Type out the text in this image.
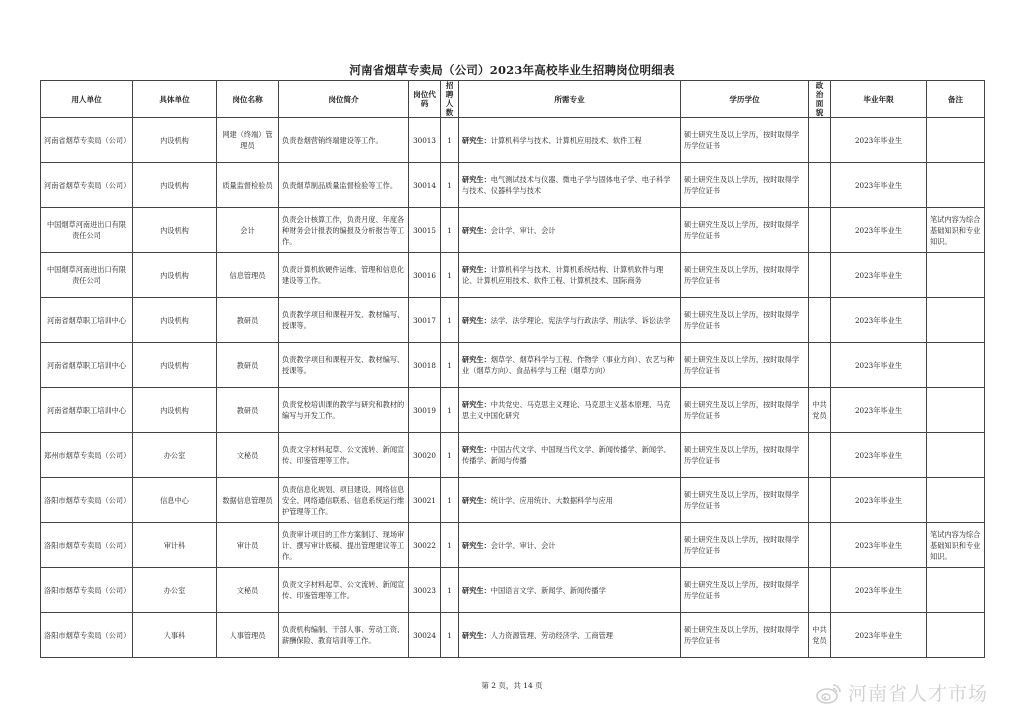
河南省烟草专卖局（公司）2023年高校毕业生招聘岗位明细表
用人单位	具体单位	岗位名称	岗位简介	岗位代码	招聘人数	所需专业	学历学位	政治面貌	毕业年限	备注
河南省烟草专卖局（公司）	内设机构	网建（终端）管理员	负责卷烟营销终端建设等工作。	30013	1	研究生：计算机科学与技术、计算机应用技术、软件工程	硕士研究生及以上学历，按时取得学历学位证书		2023年毕业生	
河南省烟草专卖局（公司）	内设机构	质量监督检验员	负责烟草制品质量监督检验等工作。	30014	1	研究生：电气测试技术与仪器、微电子学与固体电子学、电子科学与技术、仪器科学与技术	硕士研究生及以上学历，按时取得学历学位证书		2023年毕业生	
中国烟草河南进出口有限责任公司	内设机构	会计	负责会计核算工作，负责月度、年度各种财务会计报表的编报及分析报告等工作。	30015	1	研究生：会计学、审计、会计	硕士研究生及以上学历，按时取得学历学位证书		2023年毕业生	笔试内容为综合基础知识和专业知识。
中国烟草河南进出口有限责任公司	内设机构	信息管理员	负责计算机软硬件运维、管理和信息化建设等工作。	30016	1	研究生：计算机科学与技术、计算机系统结构、计算机软件与理论、计算机应用技术、软件工程、计算机技术、国际商务	硕士研究生及以上学历，按时取得学历学位证书		2023年毕业生	
河南省烟草职工培训中心	内设机构	教研员	负责教学项目和课程开发、教材编写、授课等。	30017	1	研究生：法学、法学理论、宪法学与行政法学、刑法学、诉讼法学	硕士研究生及以上学历，按时取得学历学位证书		2023年毕业生	
河南省烟草职工培训中心	内设机构	教研员	负责教学项目和课程开发、教材编写、授课等。	30018	1	研究生：烟草学、烟草科学与工程、作物学（事业方向）、农艺与种业（烟草方向）、食品科学与工程（烟草方向）	硕士研究生及以上学历，按时取得学历学位证书		2023年毕业生	
河南省烟草职工培训中心	内设机构	教研员	负责党校培训课的教学与研究和教材的编写与开发工作。	30019	1	研究生：中共党史、马克思主义理论、马克思主义基本原理、马克思主义中国化研究	硕士研究生及以上学历，按时取得学历学位证书	中共党员	2023年毕业生	
郑州市烟草专卖局（公司）	办公室	文秘员	负责文字材料起草、公文流转、新闻宣传、印鉴管理等工作。	30020	1	研究生：中国古代文学、中国现当代文学、新闻传播学、新闻学、传播学、新闻与传播	硕士研究生及以上学历，按时取得学历学位证书		2023年毕业生	
洛阳市烟草专卖局（公司）	信息中心	数据信息管理员	负责信息化规划、项目建设、网络信息安全、网络通信联系、信息系统运行维护管理等工作。	30021	1	研究生：统计学、应用统计、大数据科学与应用	硕士研究生及以上学历，按时取得学历学位证书		2023年毕业生	
洛阳市烟草专卖局（公司）	审计科	审计员	负责审计项目的工作方案制订、现场审计、撰写审计底稿、提出管理建议等工作。	30022	1	研究生：会计学、审计、会计	硕士研究生及以上学历，按时取得学历学位证书		2023年毕业生	笔试内容为综合基础知识和专业知识。
洛阳市烟草专卖局（公司）	办公室	文秘员	负责文字材料起草、公文流转、新闻宣传、印鉴管理等工作。	30023	1	研究生：中国语言文学、新闻学、新闻传播学	硕士研究生及以上学历，按时取得学历学位证书		2023年毕业生	
洛阳市烟草专卖局（公司）	人事科	人事管理员	负责机构编制、干部人事、劳动工资、薪酬保险、教育培训等工作。	30024	1	研究生：人力资源管理、劳动经济学、工商管理	硕士研究生及以上学历，按时取得学历学位证书	中共党员	2023年毕业生	
第 2 页，共 14 页	河南省人才市场
